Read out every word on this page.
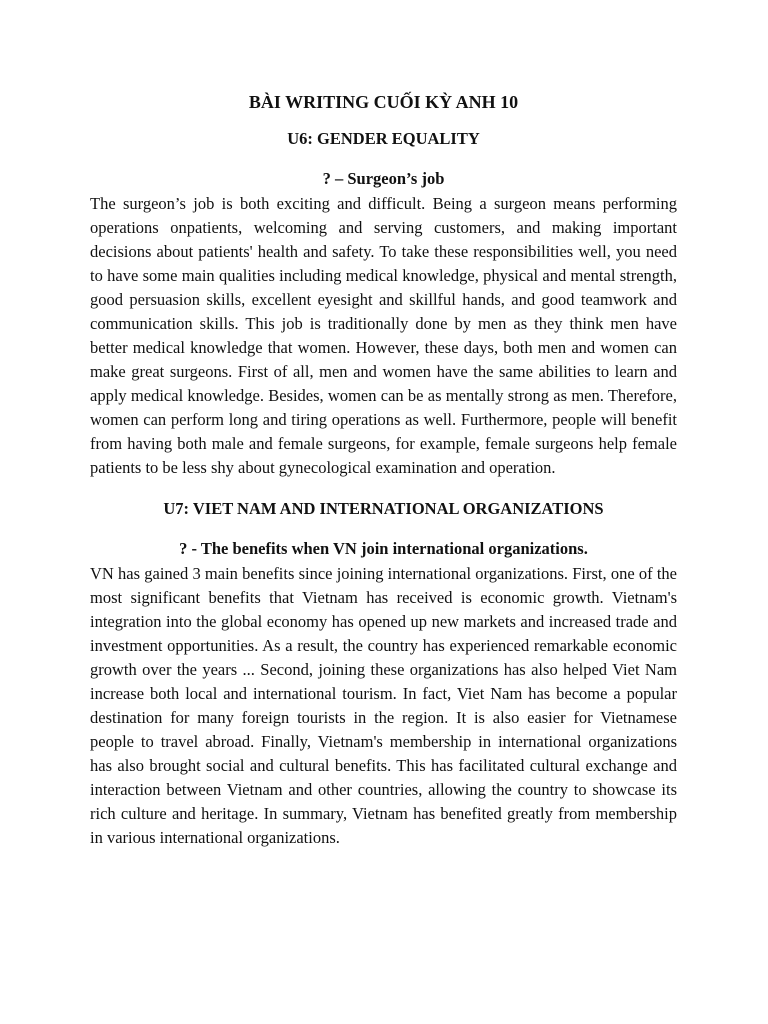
BÀI WRITING CUỐI KỲ ANH 10
U6: GENDER EQUALITY
? – Surgeon’s job

The surgeon’s job is both exciting and difficult. Being a surgeon means performing operations onpatients, welcoming and serving customers, and making important decisions about patients' health and safety. To take these responsibilities well, you need to have some main qualities including medical knowledge, physical and mental strength, good persuasion skills, excellent eyesight and skillful hands, and good teamwork and communication skills. This job is traditionally done by men as they think men have better medical knowledge that women. However, these days, both men and women can make great surgeons. First of all, men and women have the same abilities to learn and apply medical knowledge. Besides, women can be as mentally strong as men. Therefore, women can perform long and tiring operations as well. Furthermore, people will benefit from having both male and female surgeons, for example, female surgeons help female patients to be less shy about gynecological examination and operation.

U7: VIET NAM AND INTERNATIONAL ORGANIZATIONS
? - The benefits when VN join international organizations.

VN has gained 3 main benefits since joining international organizations. First, one of the most significant benefits that Vietnam has received is economic growth. Vietnam's integration into the global economy has opened up new markets and increased trade and investment opportunities. As a result, the country has experienced remarkable economic growth over the years ... Second, joining these organizations has also helped Viet Nam increase both local and international tourism. In fact, Viet Nam has become a popular destination for many foreign tourists in the region. It is also easier for Vietnamese people to travel abroad. Finally, Vietnam's membership in international organizations has also brought social and cultural benefits. This has facilitated cultural exchange and interaction between Vietnam and other countries, allowing the country to showcase its rich culture and heritage. In summary, Vietnam has benefited greatly from membership in various international organizations.
